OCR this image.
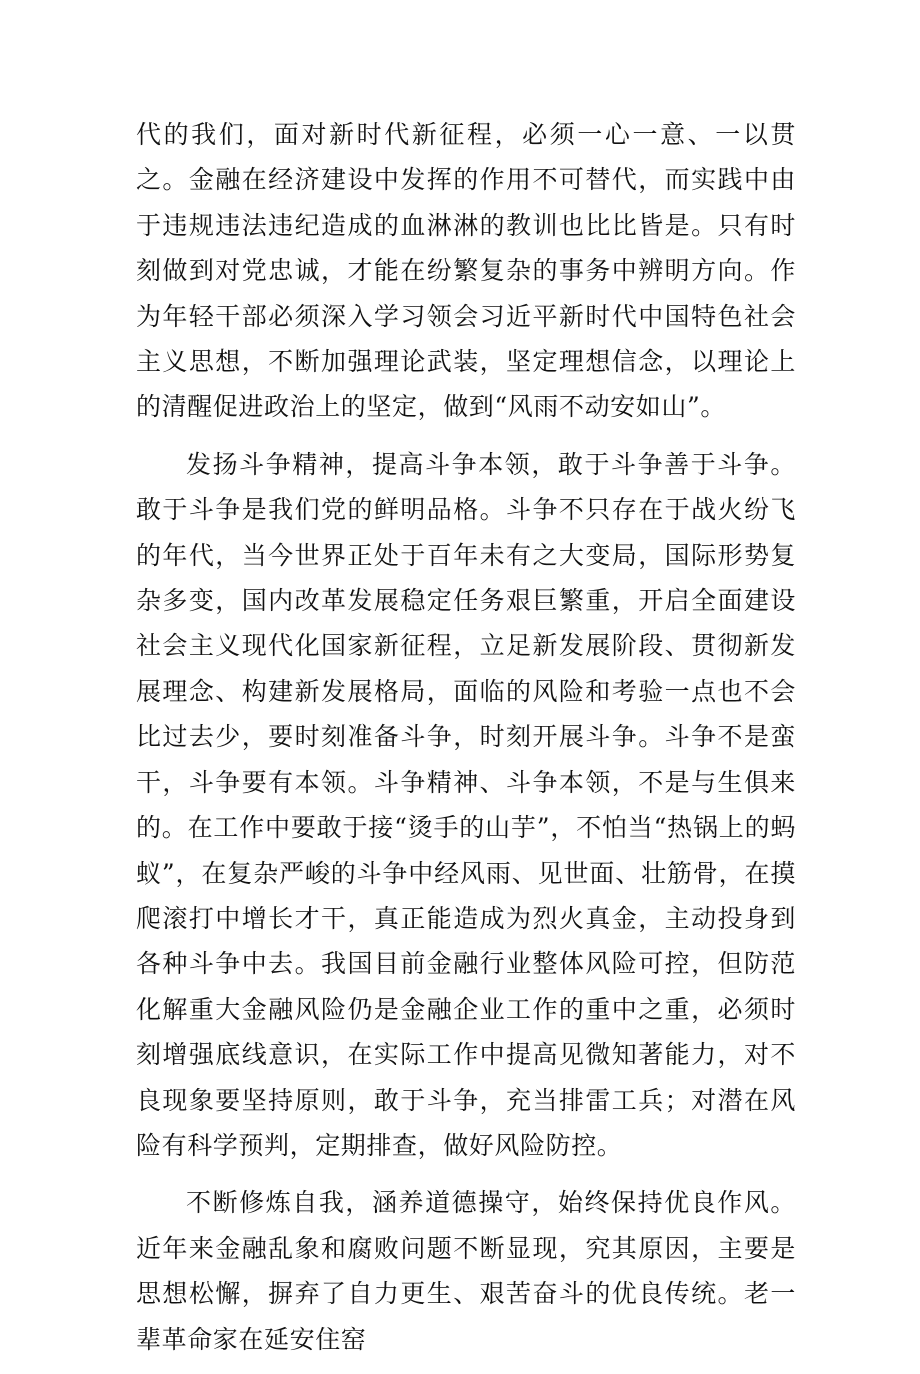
代的我们，面对新时代新征程，必须一心一意、一以贯之。金融在经济建设中发挥的作用不可替代，而实践中由于违规违法违纪造成的血淋淋的教训也比比皆是。只有时刻做到对党忠诚，才能在纷繁复杂的事务中辨明方向。作为年轻干部必须深入学习领会习近平新时代中国特色社会主义思想，不断加强理论武装，坚定理想信念，以理论上的清醒促进政治上的坚定，做到“风雨不动安如山”。

发扬斗争精神，提高斗争本领，敢于斗争善于斗争。敢于斗争是我们党的鲜明品格。斗争不只存在于战火纷飞的年代，当今世界正处于百年未有之大变局，国际形势复杂多变，国内改革发展稳定任务艰巨繁重，开启全面建设社会主义现代化国家新征程，立足新发展阶段、贯彻新发展理念、构建新发展格局，面临的风险和考验一点也不会比过去少，要时刻准备斗争，时刻开展斗争。斗争不是蛮干，斗争要有本领。斗争精神、斗争本领，不是与生俱来的。在工作中要敢于接“烫手的山芋”，不怕当“热锅上的蚂蚁”，在复杂严峻的斗争中经风雨、见世面、壮筋骨，在摸爬滚打中增长才干，真正能造成为烈火真金，主动投身到各种斗争中去。我国目前金融行业整体风险可控，但防范化解重大金融风险仍是金融企业工作的重中之重，必须时刻增强底线意识，在实际工作中提高见微知著能力，对不良现象要坚持原则，敢于斗争，充当排雷工兵；对潜在风险有科学预判，定期排查，做好风险防控。

不断修炼自我，涵养道德操守，始终保持优良作风。近年来金融乱象和腐败问题不断显现，究其原因，主要是思想松懈，摒弃了自力更生、艰苦奋斗的优良传统。老一辈革命家在延安住窑
